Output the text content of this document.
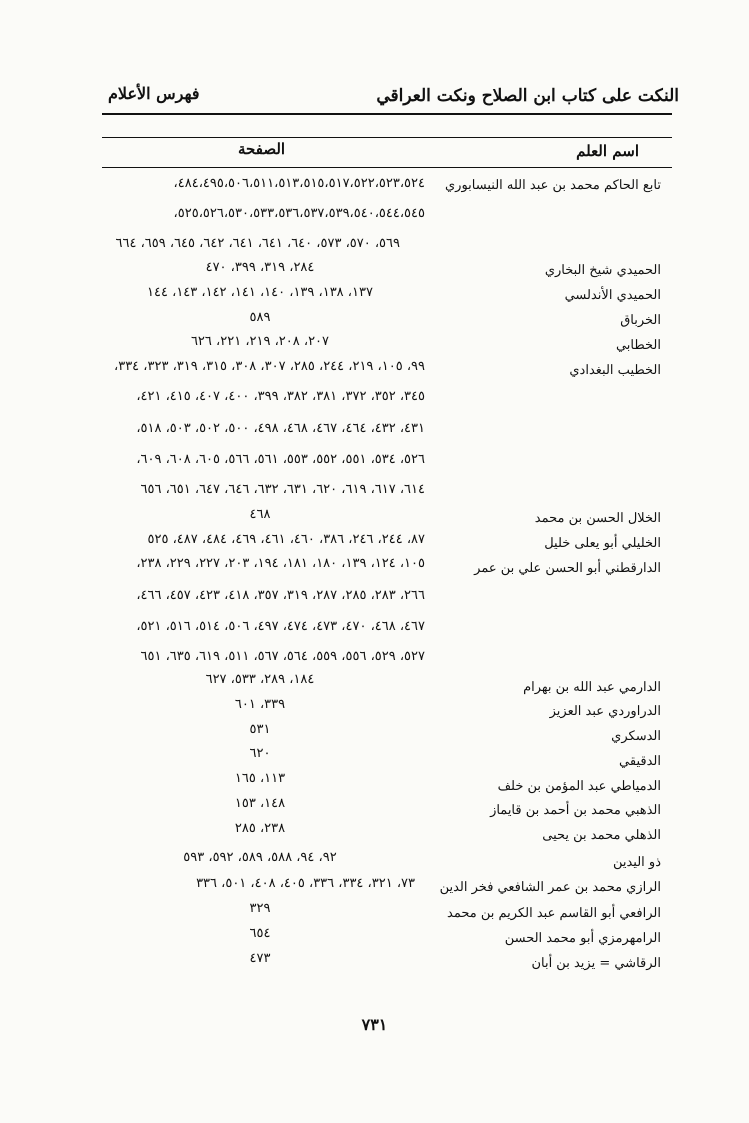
النكت على كتاب ابن الصلاح ونكت العراقي
فهرس الأعلام
اسم العلم
الصفحة
تابع الحاكم محمد بن عبد الله النيسابوري
٤٨٤،٤٩٥،٥٠٦،٥١١،٥١٣،٥١٥،٥١٧،٥٢٢،٥٢٣،٥٢٤،
٥٢٥،٥٢٦،٥٣٠،٥٣٣،٥٣٦،٥٣٧،٥٣٩،٥٤٠،٥٤٤،٥٤٥،
٥٦٩، ٥٧٠، ٥٧٣، ٦٤٠، ٦٤١، ٦٤١، ٦٤٢، ٦٤٥، ٦٥٩، ٦٦٤
الحميدي شيخ البخاري
٢٨٤، ٣١٩، ٣٩٩، ٤٧٠
الحميدي الأندلسي
١٣٧، ١٣٨، ١٣٩، ١٤٠، ١٤١، ١٤٢، ١٤٣، ١٤٤
الخرباق
٥٨٩
الخطابي
٢٠٧، ٢٠٨، ٢١٩، ٢٢١، ٦٢٦
الخطيب البغدادي
٩٩، ١٠٥، ٢١٩، ٢٤٤، ٢٨٥، ٣٠٧، ٣٠٨، ٣١٥، ٣١٩، ٣٢٣، ٣٣٤،
٣٤٥، ٣٥٢، ٣٧٢، ٣٨١، ٣٨٢، ٣٩٩، ٤٠٠، ٤٠٧، ٤١٥، ٤٢١،
٤٣١، ٤٣٢، ٤٦٤، ٤٦٧، ٤٦٨، ٤٩٨، ٥٠٠، ٥٠٢، ٥٠٣، ٥١٨،
٥٢٦، ٥٣٤، ٥٥١، ٥٥٢، ٥٥٣، ٥٦١، ٥٦٦، ٦٠٥، ٦٠٨، ٦٠٩،
٦١٤، ٦١٧، ٦١٩، ٦٢٠، ٦٣١، ٦٣٢، ٦٤٦، ٦٤٧، ٦٥١، ٦٥٦
الخلال الحسن بن محمد
٤٦٨
الخليلي أبو يعلى خليل
٨٧، ٢٤٤، ٢٤٦، ٣٨٦، ٤٦٠، ٤٦١، ٤٦٩، ٤٨٤، ٤٨٧، ٥٢٥
الدارقطني أبو الحسن علي بن عمر
١٠٥، ١٢٤، ١٣٩، ١٨٠، ١٨١، ١٩٤، ٢٠٣، ٢٢٧، ٢٢٩، ٢٣٨،
٢٦٦، ٢٨٣، ٢٨٥، ٢٨٧، ٣١٩، ٣٥٧، ٤١٨، ٤٢٣، ٤٥٧، ٤٦٦،
٤٦٧، ٤٦٨، ٤٧٠، ٤٧٣، ٤٧٤، ٤٩٧، ٥٠٦، ٥١٤، ٥١٦، ٥٢١،
٥٢٧، ٥٢٩، ٥٥٦، ٥٥٩، ٥٦٤، ٥٦٧، ٥١١، ٦١٩، ٦٣٥، ٦٥١
الدارمي عبد الله بن بهرام
١٨٤، ٢٨٩، ٥٣٣، ٦٢٧
الدراوردي عبد العزيز
٣٣٩، ٦٠١
الدسكري
٥٣١
الدقيقي
٦٢٠
الدمياطي عبد المؤمن بن خلف
١١٣، ١٦٥
الذهبي محمد بن أحمد بن قايماز
١٤٨، ١٥٣
الذهلي محمد بن يحيى
٢٣٨، ٢٨٥
ذو اليدين
٩٢، ٩٤، ٥٨٨، ٥٨٩، ٥٩٢، ٥٩٣
الرازي محمد بن عمر الشافعي فخر الدين
٧٣، ٣٢١، ٣٣٤، ٣٣٦، ٤٠٥، ٤٠٨، ٥٠١، ٣٣٦
الرافعي أبو القاسم عبد الكريم بن محمد
٣٢٩
الرامهرمزي أبو محمد الحسن
٦٥٤
الرقاشي = يزيد بن أبان
٤٧٣
٧٣١
